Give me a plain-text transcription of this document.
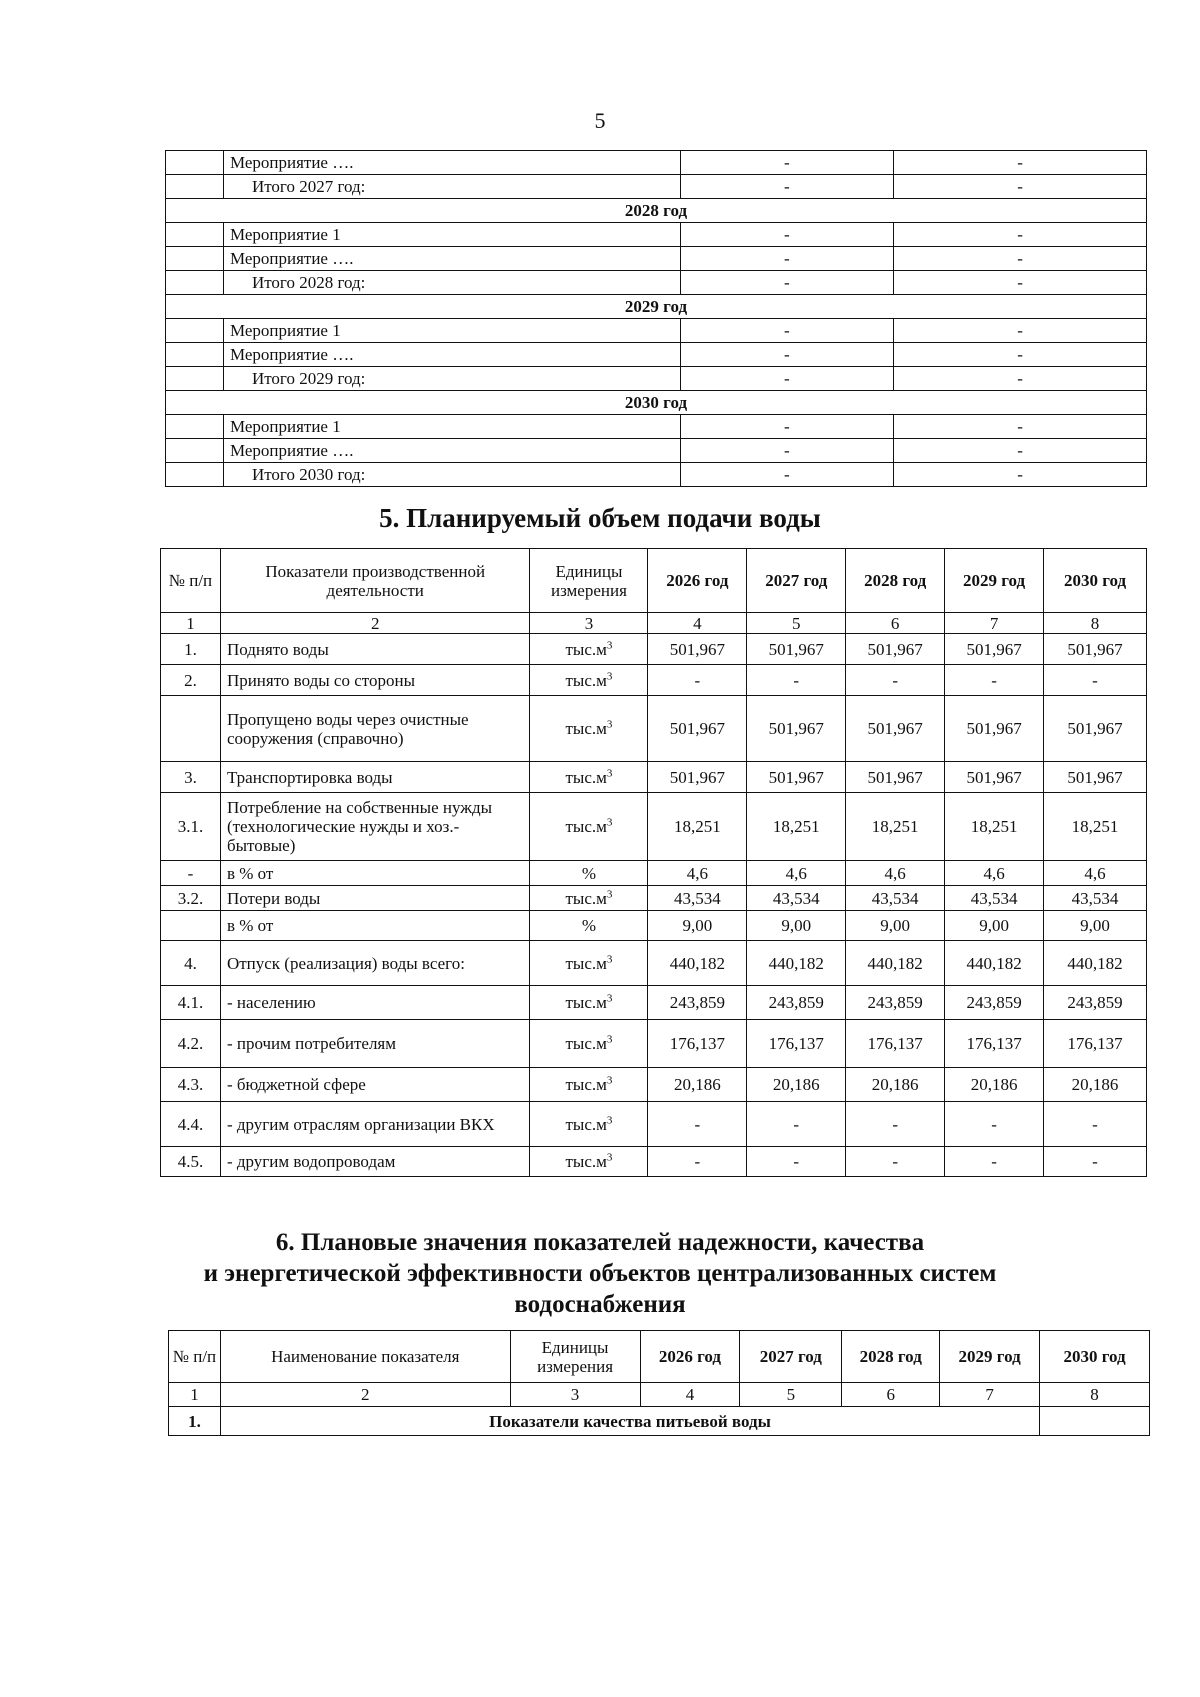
5
	Мероприятие ….	-	-
	Итого 2027 год:	-	-
2028 год			
	Мероприятие 1	-	-
	Мероприятие ….	-	-
	Итого 2028 год:	-	-
2029 год			
	Мероприятие 1	-	-
	Мероприятие ….	-	-
	Итого 2029 год:	-	-
2030 год			
	Мероприятие 1	-	-
	Мероприятие ….	-	-
	Итого 2030 год:	-	-
5. Планируемый объем подачи воды
№ п/п	Показатели производственной деятельности	Единицы измерения	2026 год	2027 год	2028 год	2029 год	2030 год
1	2	3	4	5	6	7	8
1.	Поднято воды	$тыс.м^3$	501,967	501,967	501,967	501,967	501,967
2.	Принято воды со стороны	$тыс.м^3$	-	-	-	-	-
	Пропущено воды через очистные сооружения (справочно)	$тыс.м^3$	501,967	501,967	501,967	501,967	501,967
3.	Транспортировка воды	$тыс.м^3$	501,967	501,967	501,967	501,967	501,967
3.1.	Потребление на собственные нужды (технологические нужды и хоз.-бытовые)	$тыс.м^3$	18,251	18,251	18,251	18,251	18,251
-	в % от	%	4,6	4,6	4,6	4,6	4,6
3.2.	Потери воды	$тыс.м^3$	43,534	43,534	43,534	43,534	43,534
	в % от	%	9,00	9,00	9,00	9,00	9,00
4.	Отпуск (реализация) воды всего:	$тыс.м^3$	440,182	440,182	440,182	440,182	440,182
4.1.	- населению	$тыс.м^3$	243,859	243,859	243,859	243,859	243,859
4.2.	- прочим потребителям	$тыс.м^3$	176,137	176,137	176,137	176,137	176,137
4.3.	- бюджетной сфере	$тыс.м^3$	20,186	20,186	20,186	20,186	20,186
4.4.	- другим отраслям организации ВКХ	$тыс.м^3$	-	-	-	-	-
4.5.	- другим водопроводам	$тыс.м^3$	-	-	-	-	-
6. Плановые значения показателей надежности, качества
и энергетической эффективности объектов централизованных систем
водоснабжения
№ п/п	Наименование показателя	Единицы измерения	2026 год	2027 год	2028 год	2029 год	2030 год
1	2	3	4	5	6	7	8
1.	Показатели качества питьевой воды						
